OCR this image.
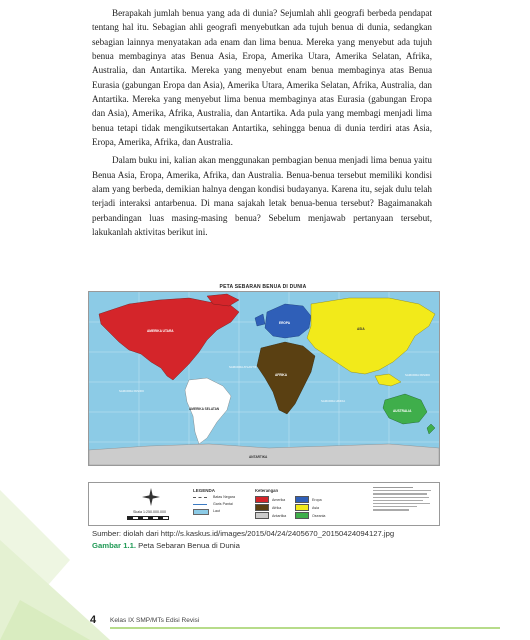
Berapakah jumlah benua yang ada di dunia? Sejumlah ahli geografi berbeda pendapat tentang hal itu. Sebagian ahli geografi menyebutkan ada tujuh benua di dunia, sedangkan sebagian lainnya menyatakan ada enam dan lima benua. Mereka yang menyebut ada tujuh benua membaginya atas Benua Asia, Eropa, Amerika Utara, Amerika Selatan, Afrika, Australia, dan Antartika. Mereka yang menyebut enam benua membaginya atas Benua Eurasia (gabungan Eropa dan Asia), Amerika Utara, Amerika Selatan, Afrika, Australia, dan Antartika. Mereka yang menyebut lima benua membaginya atas Eurasia (gabungan Eropa dan Asia), Amerika, Afrika, Australia, dan Antartika. Ada pula yang membagi menjadi lima benua tetapi tidak mengikutsertakan Antartika, sehingga benua di dunia terdiri atas Asia, Eropa, Amerika, Afrika, dan Australia.

Dalam buku ini, kalian akan menggunakan pembagian benua menjadi lima benua yaitu Benua Asia, Eropa, Amerika, Afrika, dan Australia. Benua-benua tersebut memiliki kondisi alam yang berbeda, demikian halnya dengan kondisi budayanya. Karena itu, sejak dulu telah terjadi interaksi antarbenua. Di mana sajakah letak benua-benua tersebut? Bagaimanakah perbandingan luas masing-masing benua? Sebelum menjawab pertanyaan tersebut, lakukanlah aktivitas berikut ini.

PETA SEBARAN BENUA DI DUNIA
AMERIKA UTARA
AMERIKA SELATAN
EROPA
ASIA
AFRIKA
AUSTRALIA
ANTARTIKA
SAMUDRA PASIFIK
SAMUDRA ATLANTIK
SAMUDRA HINDIA
SAMUDRA PASIFIK
Skala 1:250.000.000
LEGENDA
Batas Negara
Garis Pantai
Laut
Keterangan
Amerika	Eropa
Afrika	Asia
Antartika	Oseania
Sumber: diolah dari http://s.kaskus.id/images/2015/04/24/2405670_201504240941​27.jpg
Gambar 1.1. Peta Sebaran Benua di Dunia
4 Kelas IX SMP/MTs Edisi Revisi
